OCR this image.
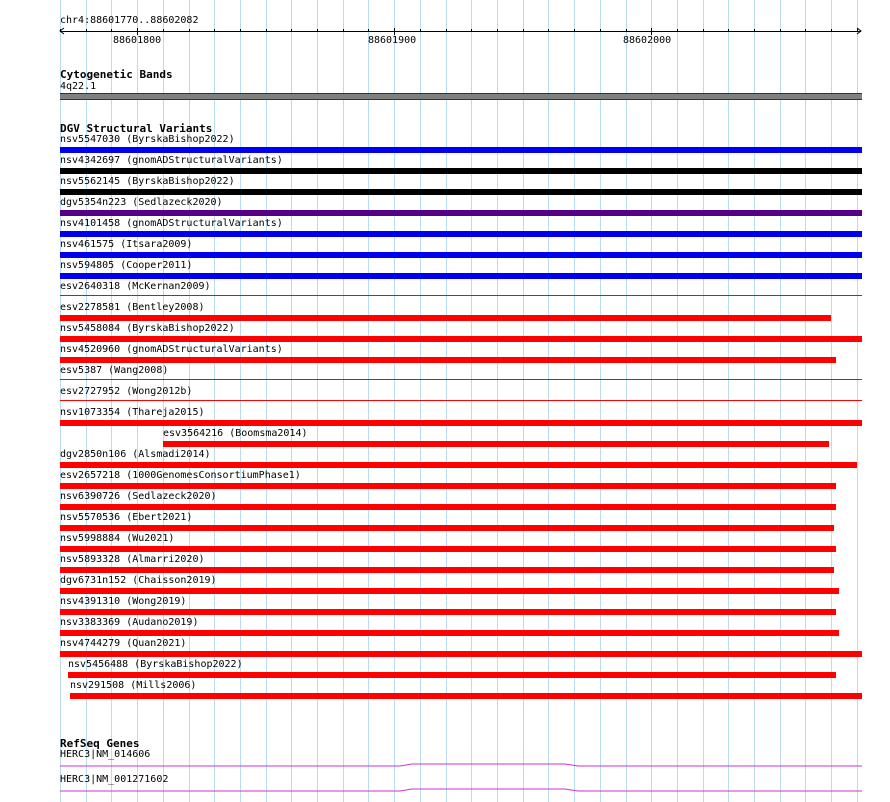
chr4:88601770..88602082
88601800	88601900	88602000
Cytogenetic Bands
4q22.1
DGV Structural Variants
nsv5547030 (ByrskaBishop2022)
nsv4342697 (gnomADStructuralVariants)
nsv5562145 (ByrskaBishop2022)
dgv5354n223 (Sedlazeck2020)
nsv4101458 (gnomADStructuralVariants)
nsv461575 (Itsara2009)
nsv594805 (Cooper2011)
esv2640318 (McKernan2009)
esv2278581 (Bentley2008)
nsv5458084 (ByrskaBishop2022)
nsv4520960 (gnomADStructuralVariants)
esv5387 (Wang2008)
esv2727952 (Wong2012b)
nsv1073354 (Thareja2015)
esv3564216 (Boomsma2014)
dgv2850n106 (Alsmadi2014)
esv2657218 (1000GenomesConsortiumPhase1)
nsv6390726 (Sedlazeck2020)
nsv5570536 (Ebert2021)
nsv5998884 (Wu2021)
nsv5893328 (Almarri2020)
dgv6731n152 (Chaisson2019)
nsv4391310 (Wong2019)
nsv3383369 (Audano2019)
nsv4744279 (Quan2021)
nsv5456488 (ByrskaBishop2022)
nsv291508 (Mills2006)
RefSeq Genes
HERC3|NM_014606
HERC3|NM_001271602
